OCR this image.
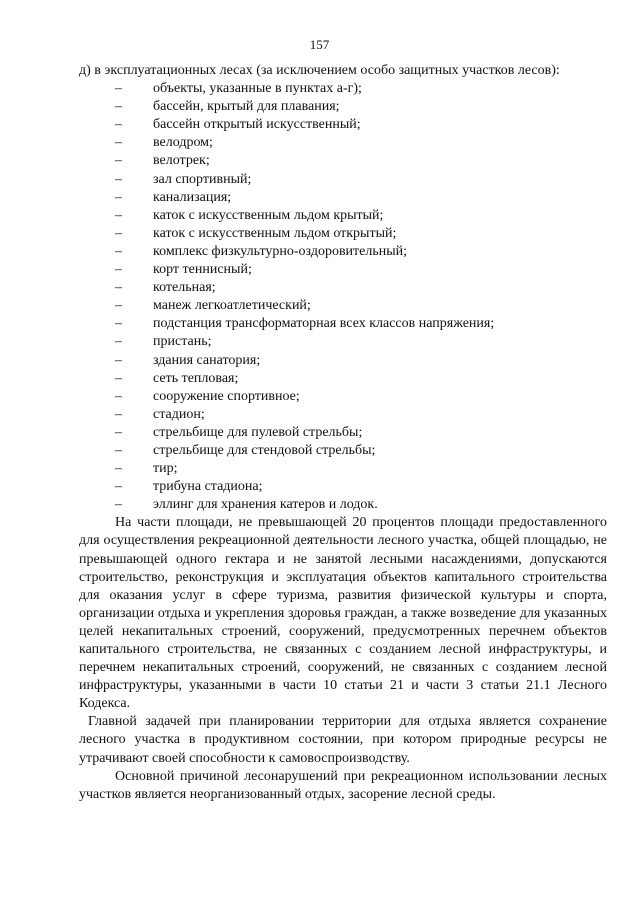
157

д) в эксплуатационных лесах (за исключением особо защитных участков лесов):

–	объекты, указанные в пунктах а-г);
–	бассейн, крытый для плавания;
–	бассейн открытый искусственный;
–	велодром;
–	велотрек;
–	зал спортивный;
–	канализация;
–	каток с искусственным льдом крытый;
–	каток с искусственным льдом открытый;
–	комплекс физкультурно-оздоровительный;
–	корт теннисный;
–	котельная;
–	манеж легкоатлетический;
–	подстанция трансформаторная всех классов напряжения;
–	пристань;
–	здания санатория;
–	сеть тепловая;
–	сооружение спортивное;
–	стадион;
–	стрельбище для пулевой стрельбы;
–	стрельбище для стендовой стрельбы;
–	тир;
–	трибуна стадиона;
–	эллинг для хранения катеров и лодок.

На части площади, не превышающей 20 процентов площади предоставленного для осуществления рекреационной деятельности лесного участка, общей площадью, не превышающей одного гектара и не занятой лесными насаждениями, допускаются строительство, реконструкция и эксплуатация объектов капитального строительства для оказания услуг в сфере туризма, развития физической культуры и спорта, организации отдыха и укрепления здоровья граждан, а также возведение для указанных целей некапитальных строений, сооружений, предусмотренных перечнем объектов капитального строительства, не связанных с созданием лесной инфраструктуры, и перечнем некапитальных строений, сооружений, не связанных с созданием лесной инфраструктуры, указанными в части 10 статьи 21 и части 3 статьи 21.1 Лесного Кодекса.

Главной задачей при планировании территории для отдыха является сохранение лесного участка в продуктивном состоянии, при котором природные ресурсы не утрачивают своей способности к самовоспроизводству.

Основной причиной лесонарушений при рекреационном использовании лесных участков является неорганизованный отдых, засорение лесной среды.
